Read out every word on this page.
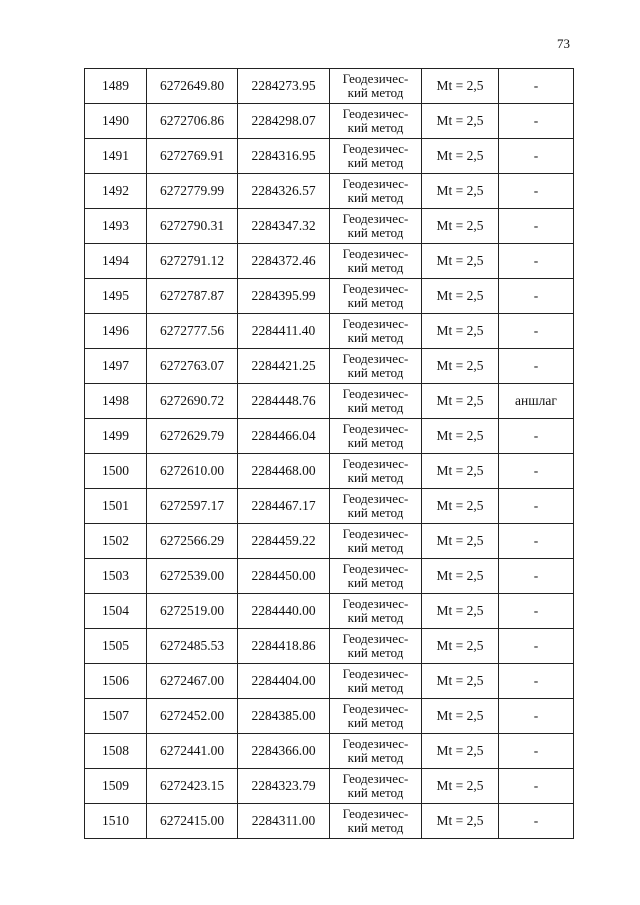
73
1489	6272649.80	2284273.95	Геодезичес-
кий метод	Mt = 2,5	-
1490	6272706.86	2284298.07	Геодезичес-
кий метод	Mt = 2,5	-
1491	6272769.91	2284316.95	Геодезичес-
кий метод	Mt = 2,5	-
1492	6272779.99	2284326.57	Геодезичес-
кий метод	Mt = 2,5	-
1493	6272790.31	2284347.32	Геодезичес-
кий метод	Mt = 2,5	-
1494	6272791.12	2284372.46	Геодезичес-
кий метод	Mt = 2,5	-
1495	6272787.87	2284395.99	Геодезичес-
кий метод	Mt = 2,5	-
1496	6272777.56	2284411.40	Геодезичес-
кий метод	Mt = 2,5	-
1497	6272763.07	2284421.25	Геодезичес-
кий метод	Mt = 2,5	-
1498	6272690.72	2284448.76	Геодезичес-
кий метод	Mt = 2,5	аншлаг
1499	6272629.79	2284466.04	Геодезичес-
кий метод	Mt = 2,5	-
1500	6272610.00	2284468.00	Геодезичес-
кий метод	Mt = 2,5	-
1501	6272597.17	2284467.17	Геодезичес-
кий метод	Mt = 2,5	-
1502	6272566.29	2284459.22	Геодезичес-
кий метод	Mt = 2,5	-
1503	6272539.00	2284450.00	Геодезичес-
кий метод	Mt = 2,5	-
1504	6272519.00	2284440.00	Геодезичес-
кий метод	Mt = 2,5	-
1505	6272485.53	2284418.86	Геодезичес-
кий метод	Mt = 2,5	-
1506	6272467.00	2284404.00	Геодезичес-
кий метод	Mt = 2,5	-
1507	6272452.00	2284385.00	Геодезичес-
кий метод	Mt = 2,5	-
1508	6272441.00	2284366.00	Геодезичес-
кий метод	Mt = 2,5	-
1509	6272423.15	2284323.79	Геодезичес-
кий метод	Mt = 2,5	-
1510	6272415.00	2284311.00	Геодезичес-
кий метод	Mt = 2,5	-
